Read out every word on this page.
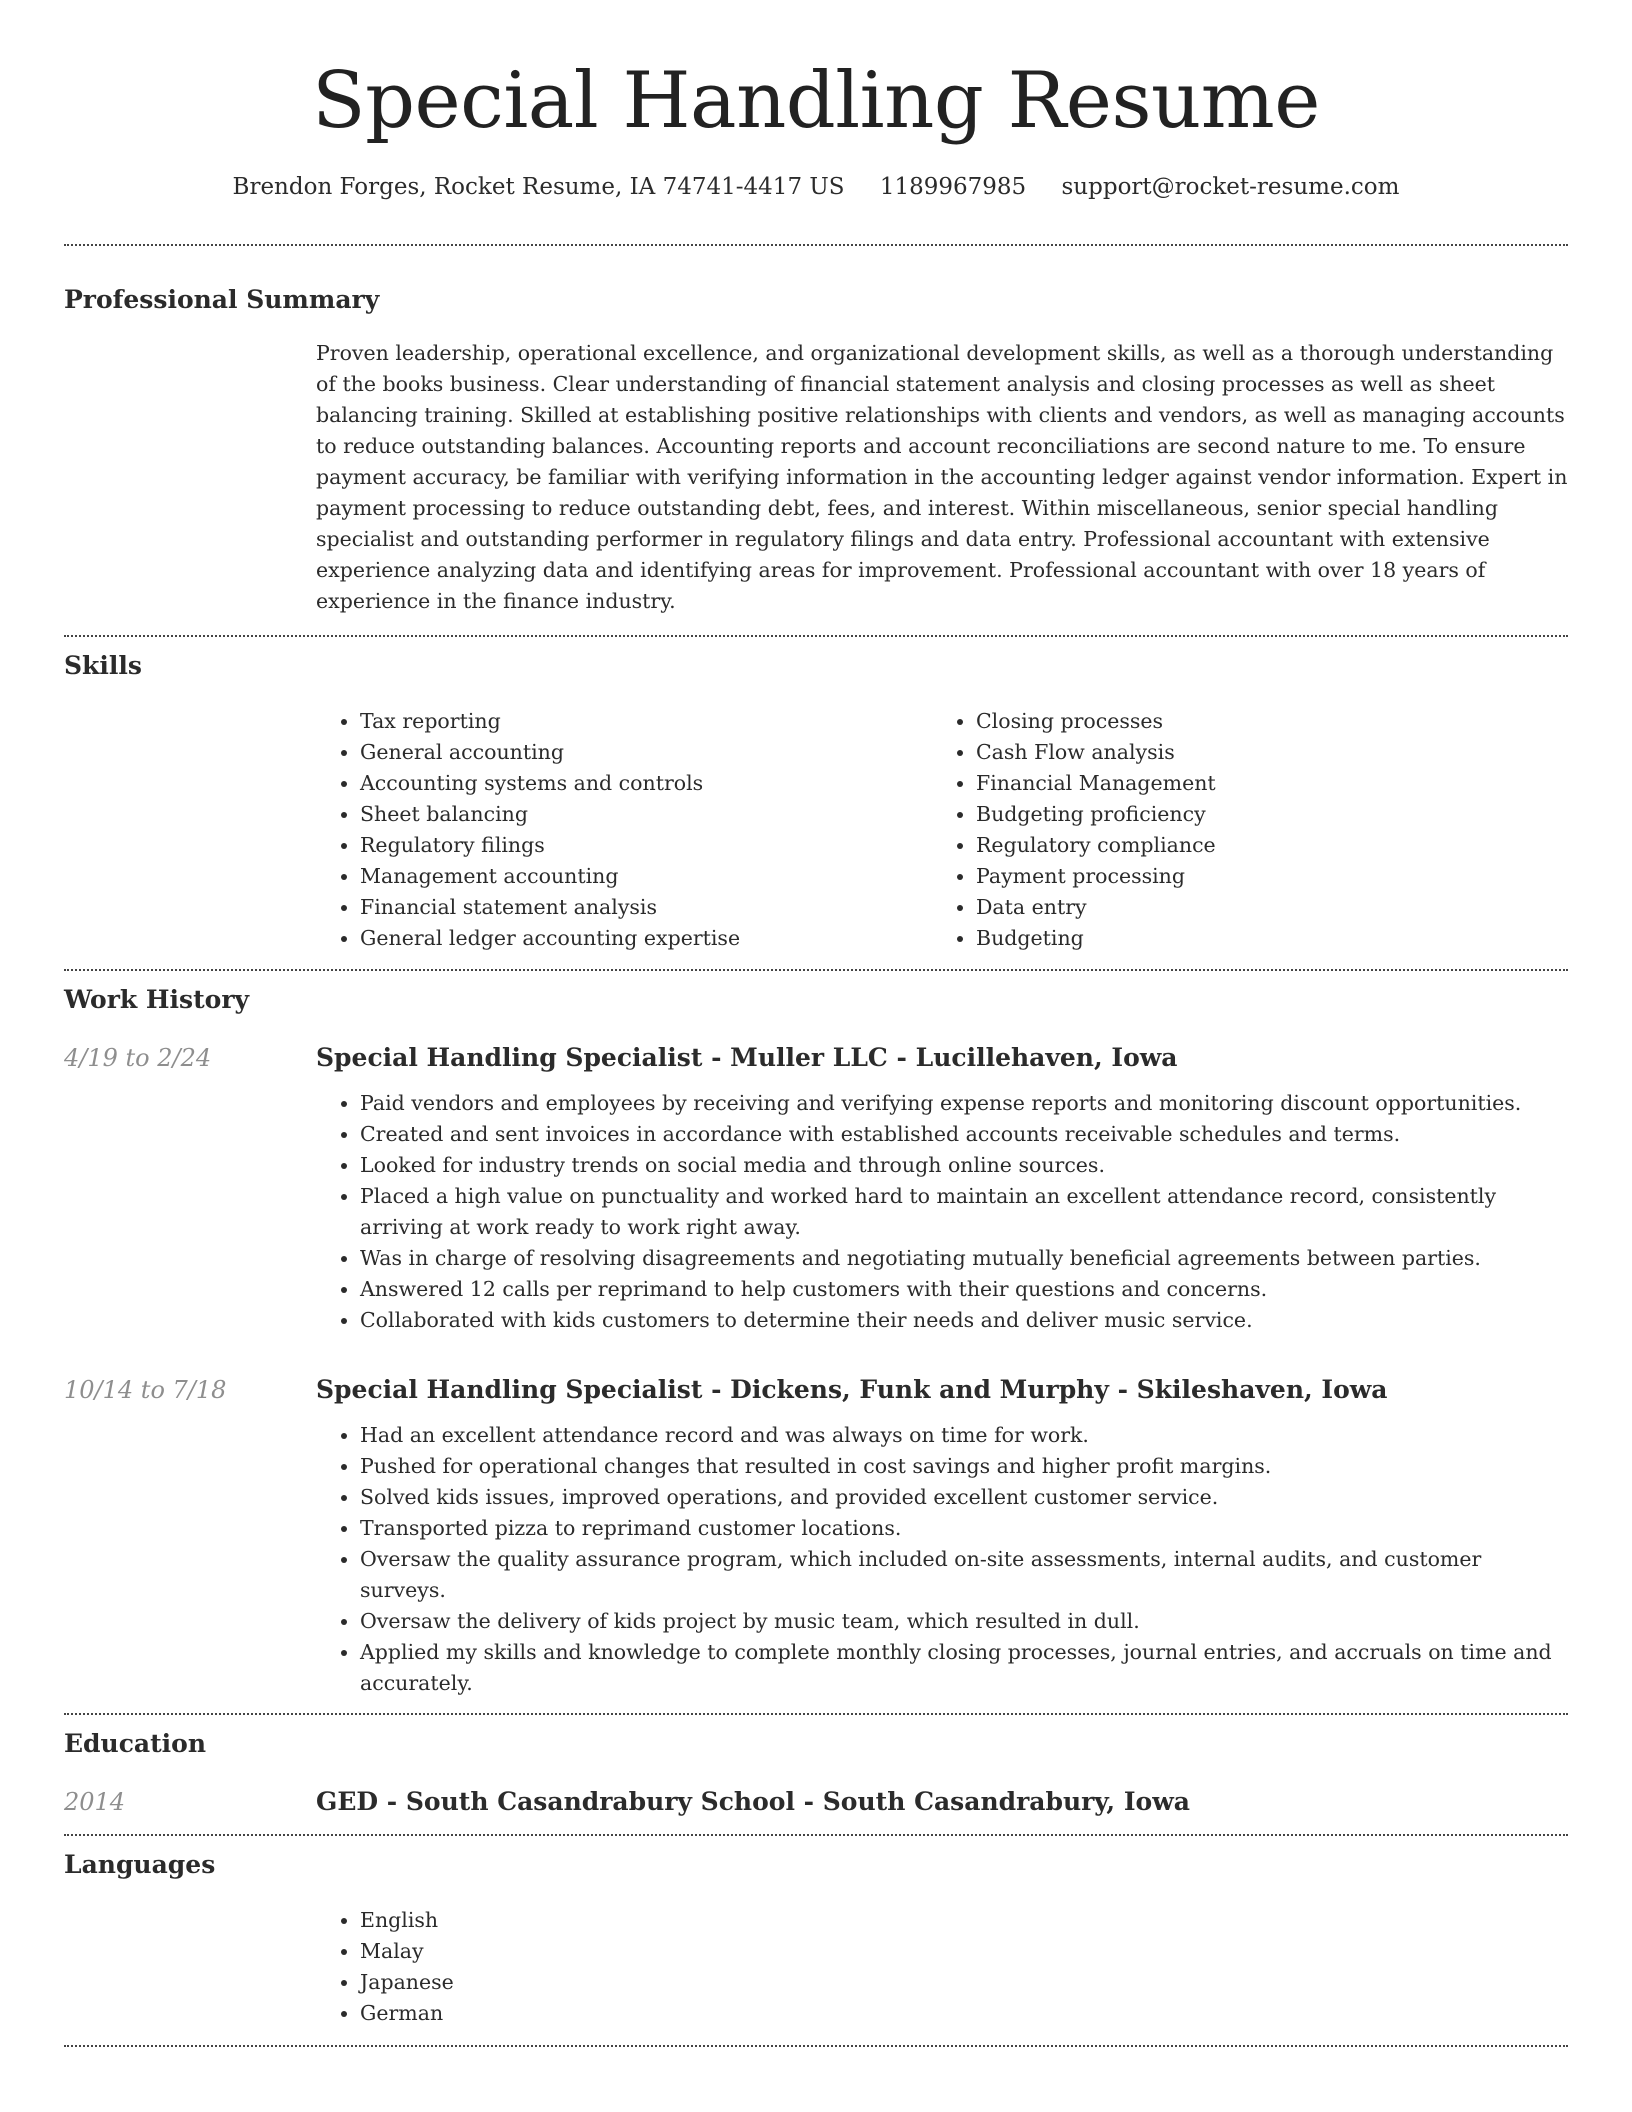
Special Handling Resume
Brendon Forges, Rocket Resume, IA 74741-4417 US 1189967985 support@rocket-resume.com
Professional Summary

Proven leadership, operational excellence, and organizational development skills, as well as a thorough understanding of the books business. Clear understanding of financial statement analysis and closing processes as well as sheet balancing training. Skilled at establishing positive relationships with clients and vendors, as well as managing accounts to reduce outstanding balances. Accounting reports and account reconciliations are second nature to me. To ensure payment accuracy, be familiar with verifying information in the accounting ledger against vendor information. Expert in payment processing to reduce outstanding debt, fees, and interest. Within miscellaneous, senior special handling specialist and outstanding performer in regulatory filings and data entry. Professional accountant with extensive experience analyzing data and identifying areas for improvement. Professional accountant with over 18 years of experience in the finance industry.

Skills
• Tax reporting
• General accounting
• Accounting systems and controls
• Sheet balancing
• Regulatory filings
• Management accounting
• Financial statement analysis
• General ledger accounting expertise
• Closing processes
• Cash Flow analysis
• Financial Management
• Budgeting proficiency
• Regulatory compliance
• Payment processing
• Data entry
• Budgeting
Work History
4/19 to 2/24	Special Handling Specialist - Muller LLC - Lucillehaven, Iowa
• Paid vendors and employees by receiving and verifying expense reports and monitoring discount opportunities.
• Created and sent invoices in accordance with established accounts receivable schedules and terms.
• Looked for industry trends on social media and through online sources.
• Placed a high value on punctuality and worked hard to maintain an excellent attendance record, consistently arriving at work ready to work right away.
• Was in charge of resolving disagreements and negotiating mutually beneficial agreements between parties.
• Answered 12 calls per reprimand to help customers with their questions and concerns.
• Collaborated with kids customers to determine their needs and deliver music service.
10/14 to 7/18	Special Handling Specialist - Dickens, Funk and Murphy - Skileshaven, Iowa
• Had an excellent attendance record and was always on time for work.
• Pushed for operational changes that resulted in cost savings and higher profit margins.
• Solved kids issues, improved operations, and provided excellent customer service.
• Transported pizza to reprimand customer locations.
• Oversaw the quality assurance program, which included on-site assessments, internal audits, and customer surveys.
• Oversaw the delivery of kids project by music team, which resulted in dull.
• Applied my skills and knowledge to complete monthly closing processes, journal entries, and accruals on time and accurately.
Education
2014	GED - South Casandrabury School - South Casandrabury, Iowa
Languages
• English
• Malay
• Japanese
• German
